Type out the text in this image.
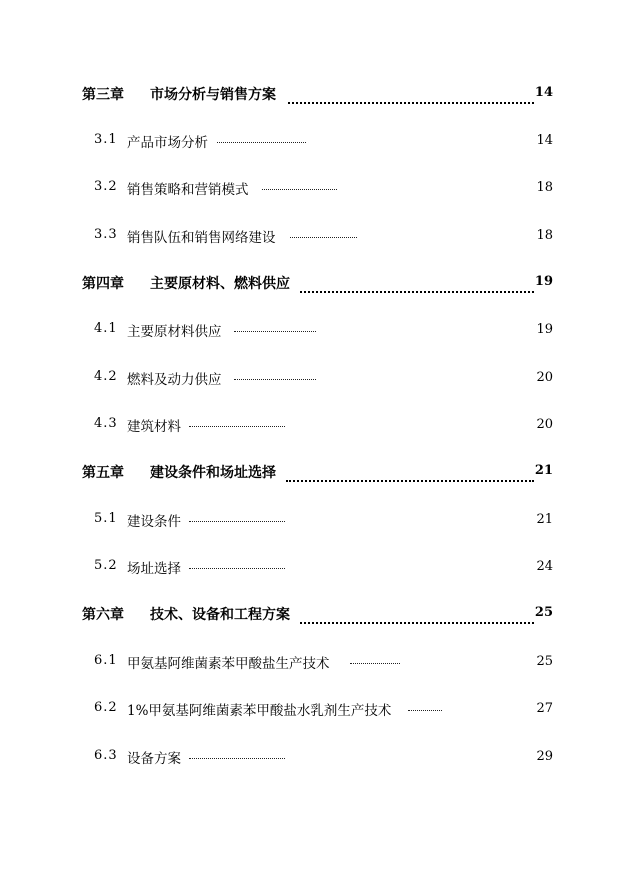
第三章 市场分析与销售方案	14
3.1 产品市场分析	14
3.2 销售策略和营销模式	18
3.3 销售队伍和销售网络建设	18
第四章 主要原材料、燃料供应	19
4.1 主要原材料供应	19
4.2 燃料及动力供应	20
4.3 建筑材料	20
第五章 建设条件和场址选择	21
5.1 建设条件	21
5.2 场址选择	24
第六章 技术、设备和工程方案	25
6.1 甲氨基阿维菌素苯甲酸盐生产技术	25
6.2 1%甲氨基阿维菌素苯甲酸盐水乳剂生产技术	27
6.3 设备方案	29
